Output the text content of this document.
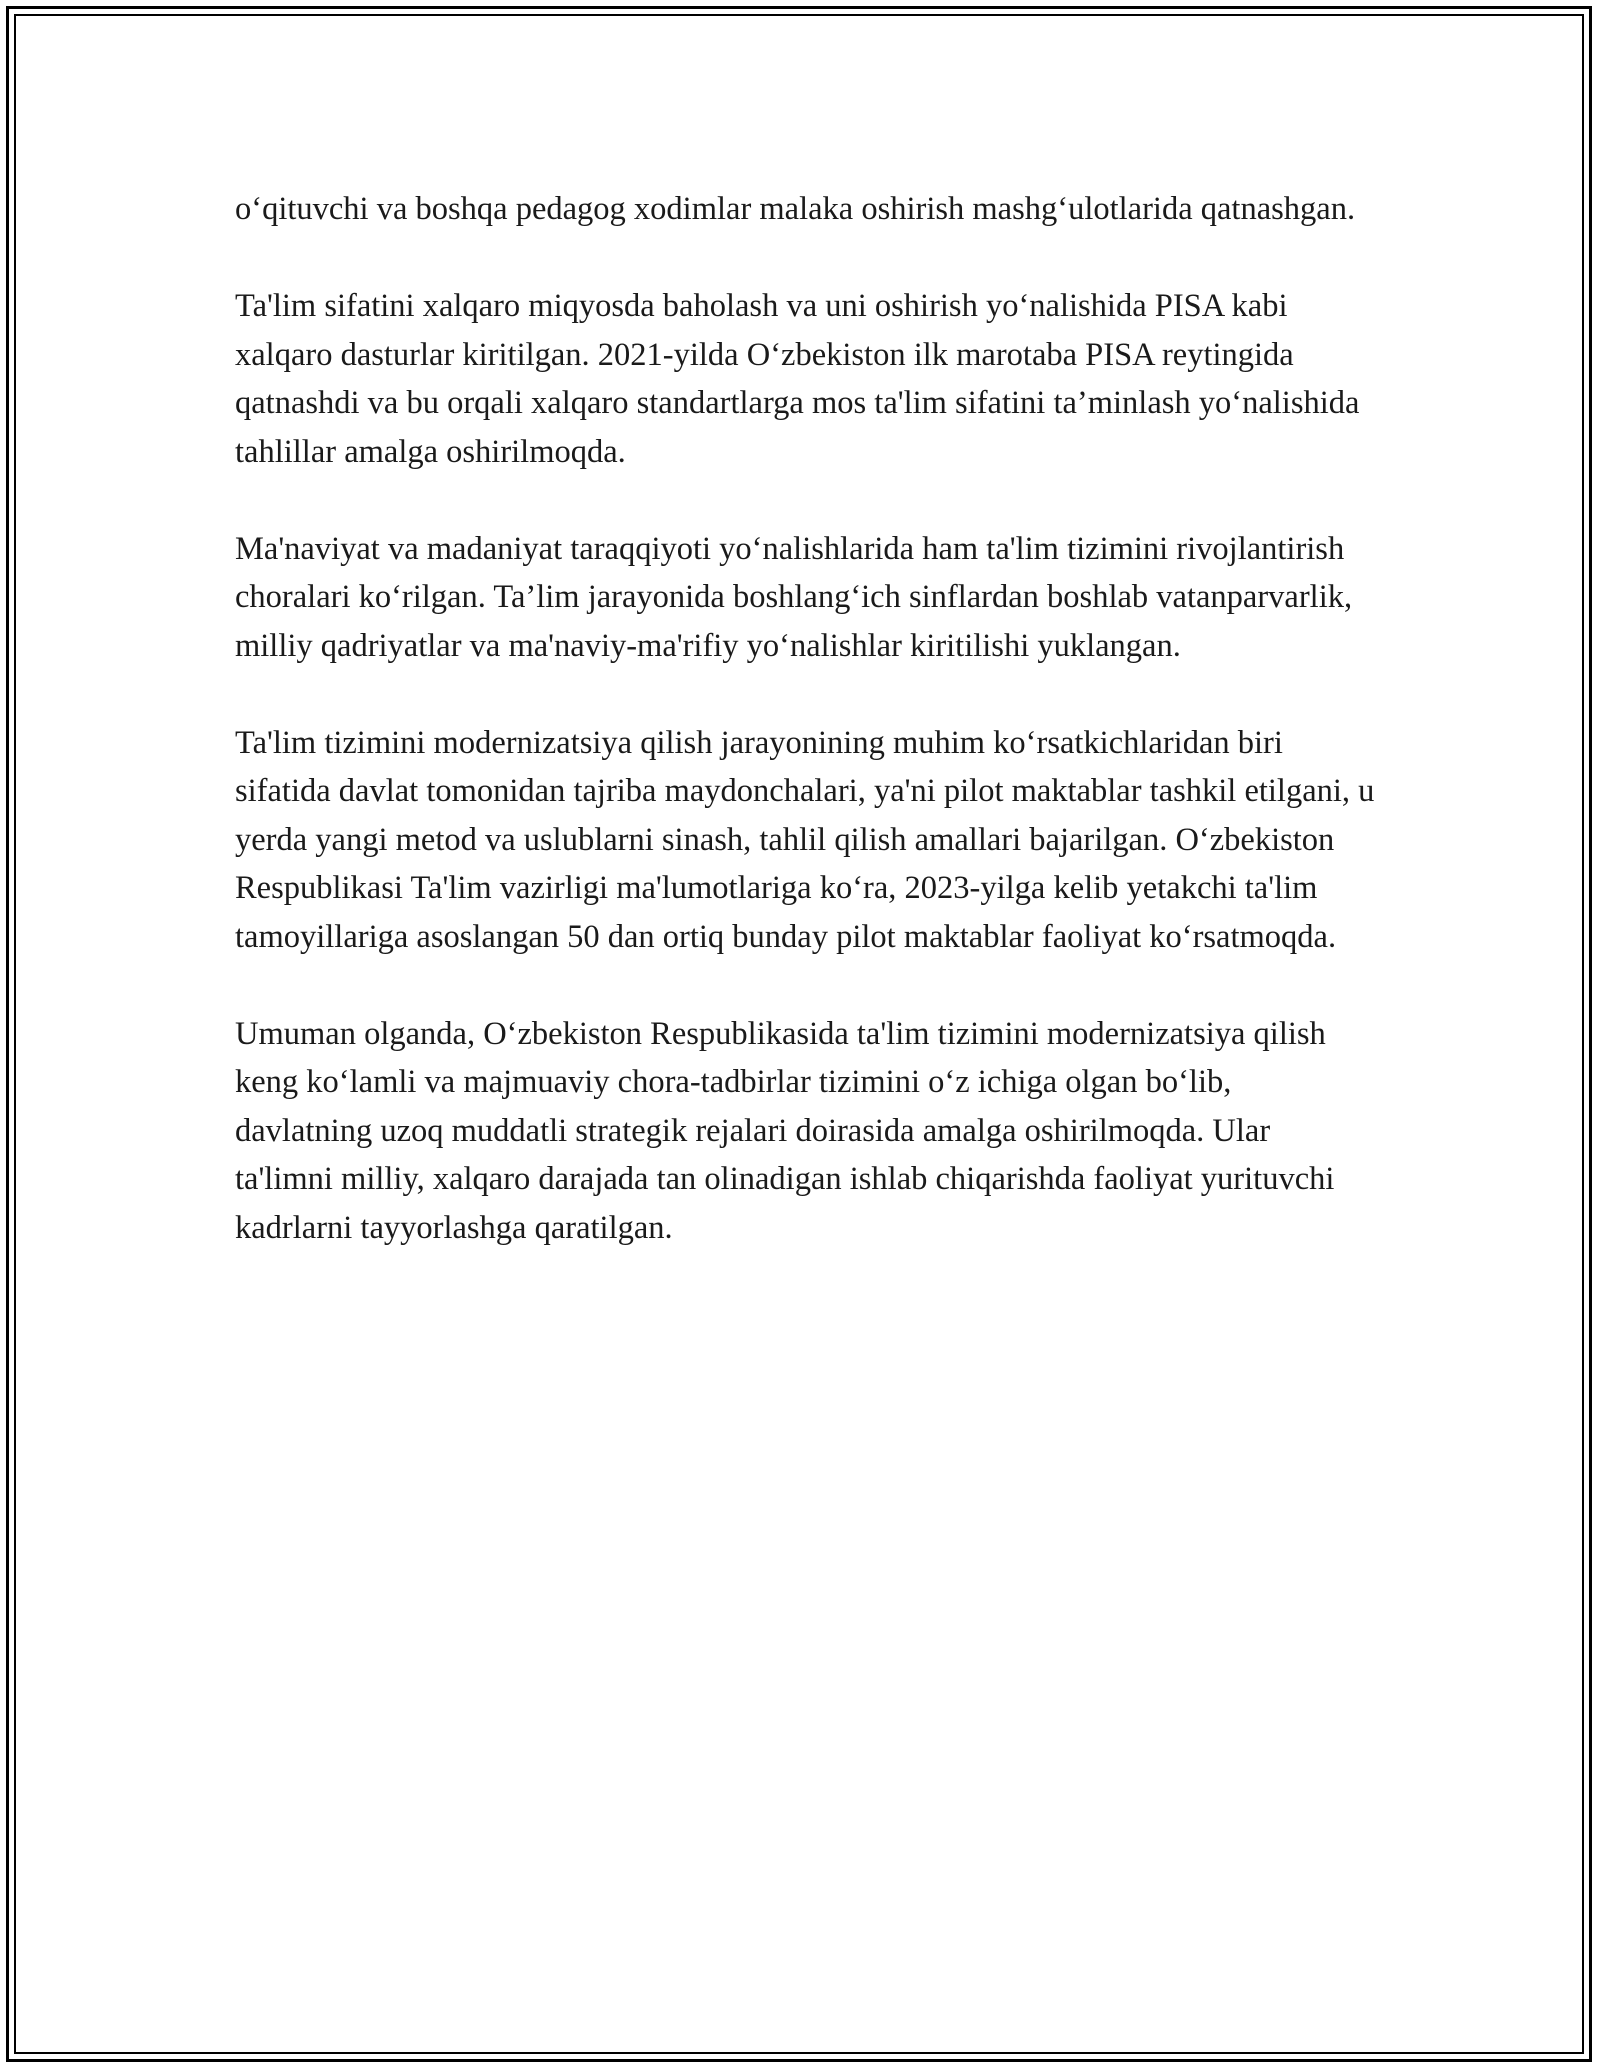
o‘qituvchi va boshqa pedagog xodimlar malaka oshirish mashg‘ulotlarida qatnashgan.

Ta'lim sifatini xalqaro miqyosda baholash va uni oshirish yo‘nalishida PISA kabi xalqaro dasturlar kiritilgan. 2021-yilda O‘zbekiston ilk marotaba PISA reytingida qatnashdi va bu orqali xalqaro standartlarga mos ta'lim sifatini ta’minlash yo‘nalishida tahlillar amalga oshirilmoqda.

Ma'naviyat va madaniyat taraqqiyoti yo‘nalishlarida ham ta'lim tizimini rivojlantirish choralari ko‘rilgan. Ta’lim jarayonida boshlang‘ich sinflardan boshlab vatanparvarlik, milliy qadriyatlar va ma'naviy-ma'rifiy yo‘nalishlar kiritilishi yuklangan.

Ta'lim tizimini modernizatsiya qilish jarayonining muhim ko‘rsatkichlaridan biri sifatida davlat tomonidan tajriba maydonchalari, ya'ni pilot maktablar tashkil etilgani, u yerda yangi metod va uslublarni sinash, tahlil qilish amallari bajarilgan. O‘zbekiston Respublikasi Ta'lim vazirligi ma'lumotlariga ko‘ra, 2023-yilga kelib yetakchi ta'lim tamoyillariga asoslangan 50 dan ortiq bunday pilot maktablar faoliyat ko‘rsatmoqda.

Umuman olganda, O‘zbekiston Respublikasida ta'lim tizimini modernizatsiya qilish keng ko‘lamli va majmuaviy chora-tadbirlar tizimini o‘z ichiga olgan bo‘lib, davlatning uzoq muddatli strategik rejalari doirasida amalga oshirilmoqda. Ular ta'limni milliy, xalqaro darajada tan olinadigan ishlab chiqarishda faoliyat yurituvchi kadrlarni tayyorlashga qaratilgan.
